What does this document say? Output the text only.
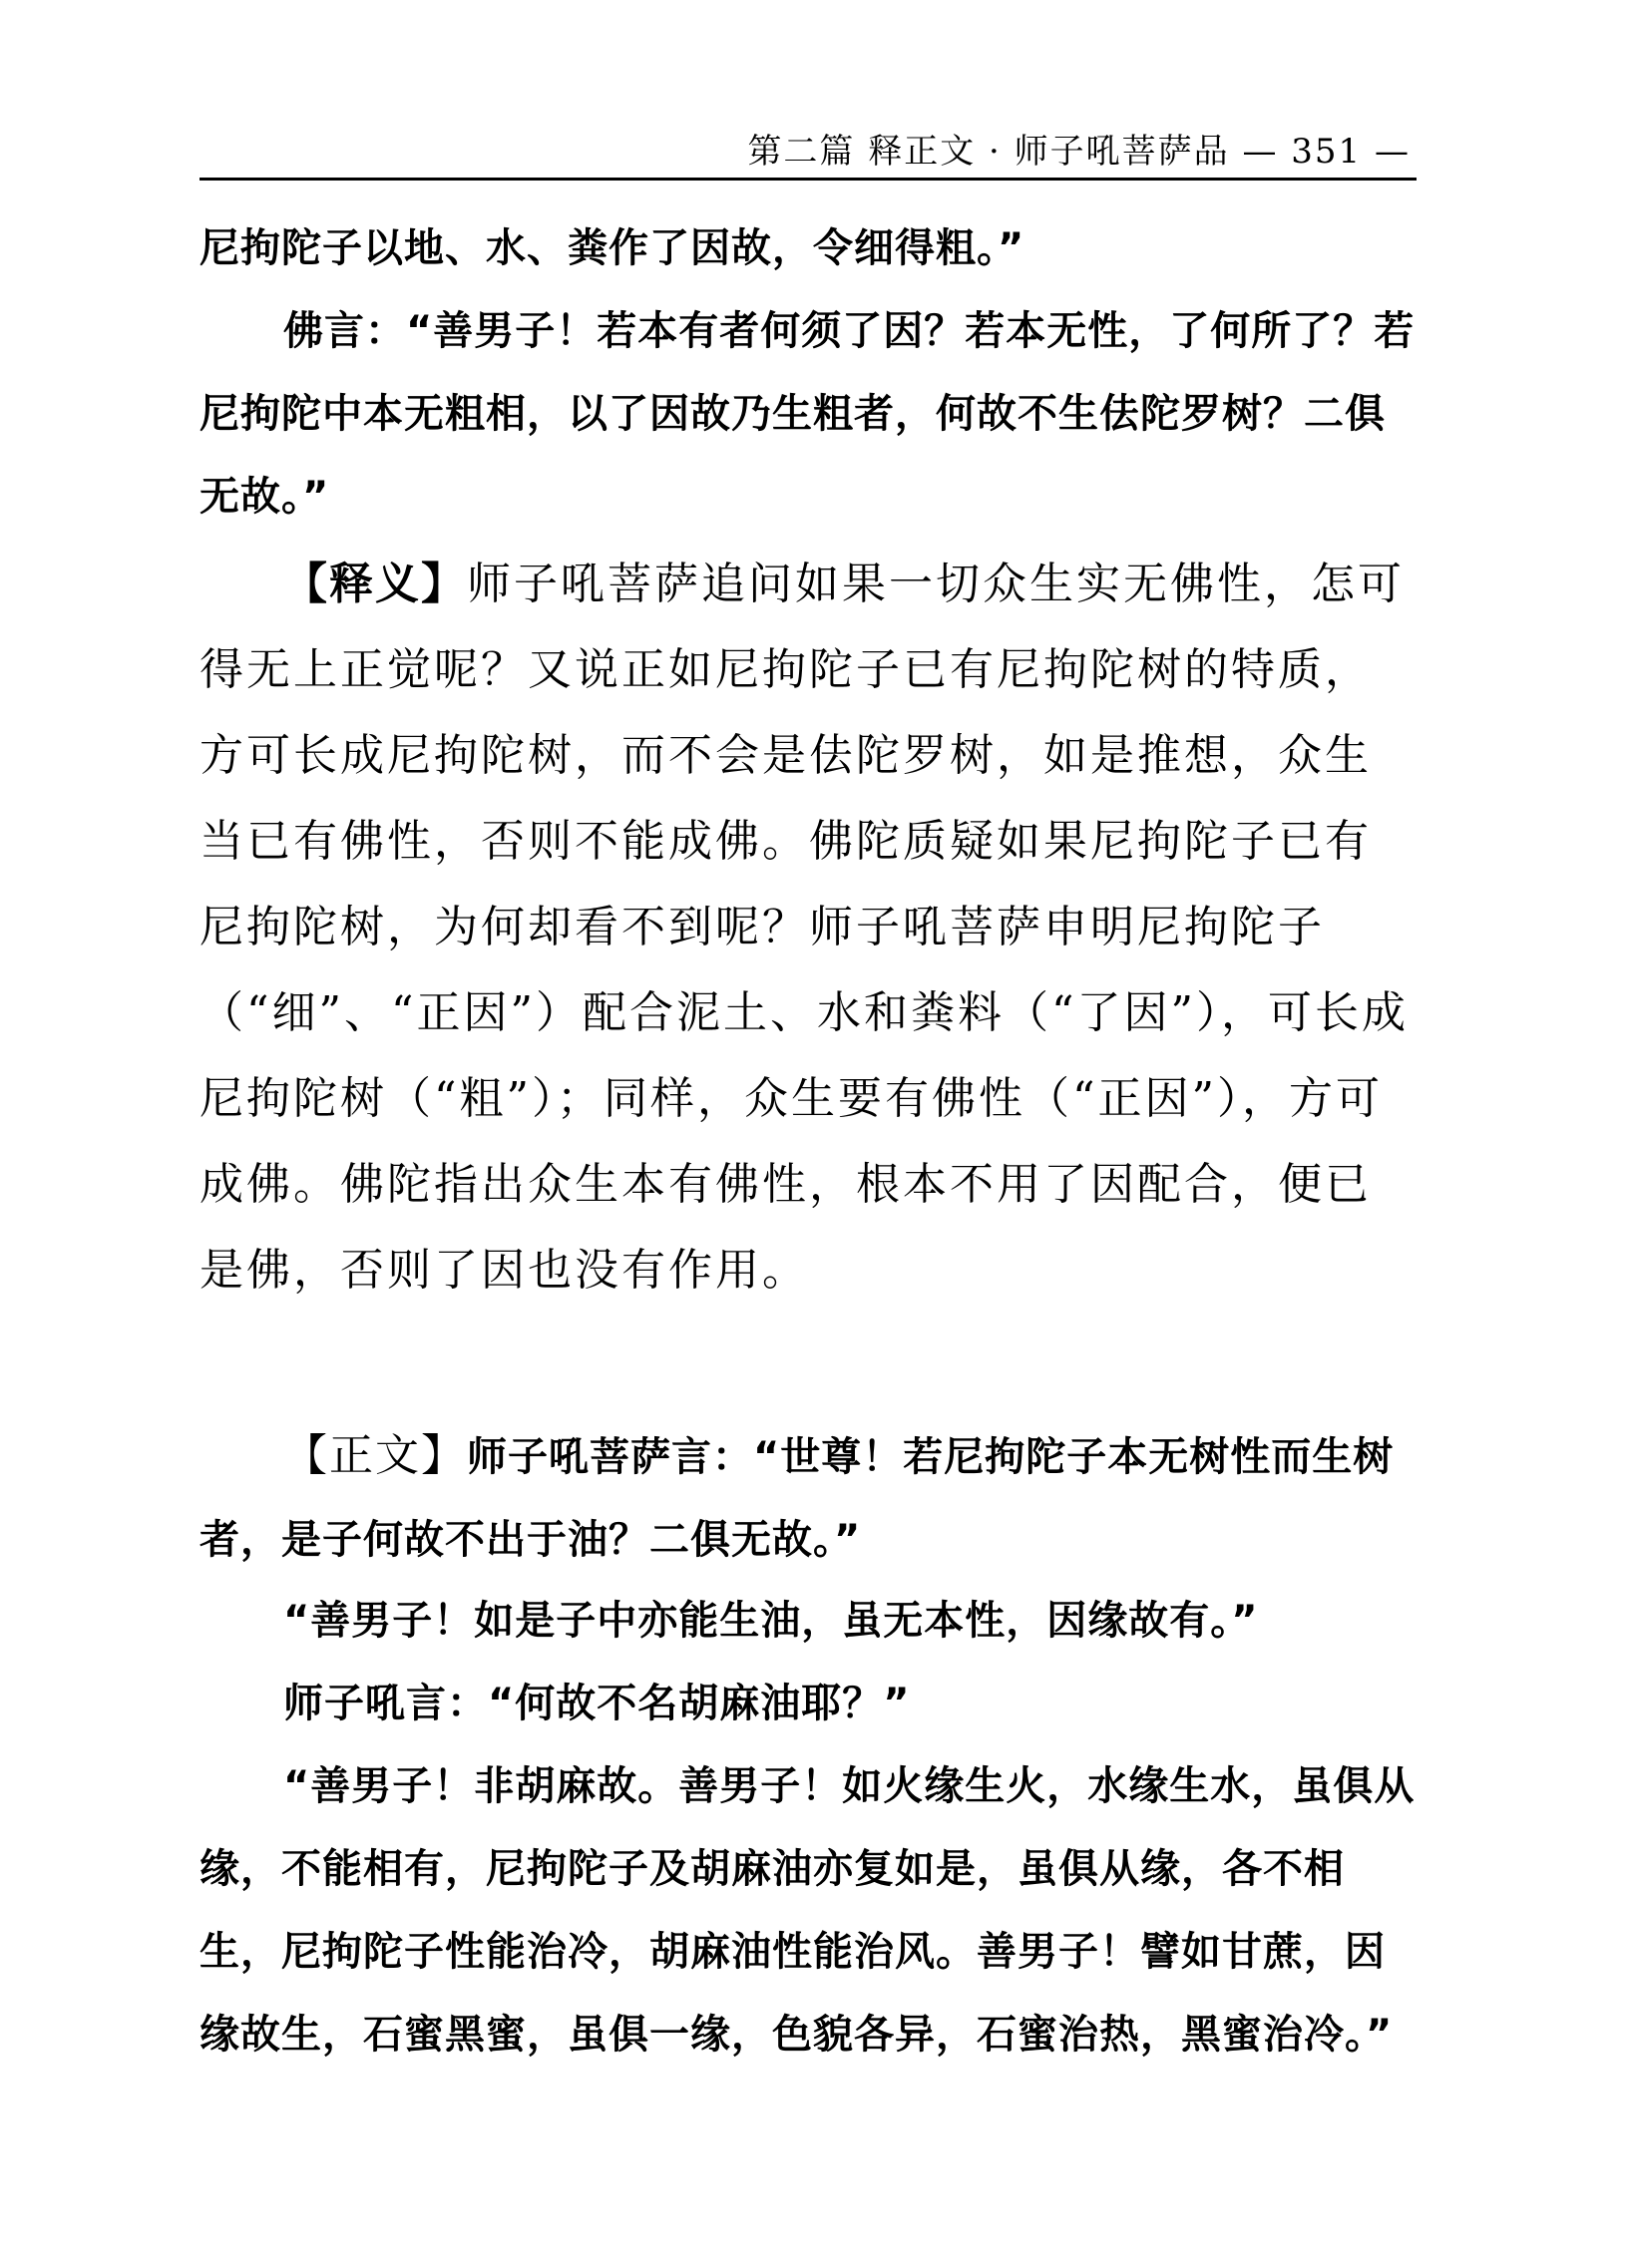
第二篇 释正文 · 师子吼菩萨品 — 351 —

尼拘陀子以地、水、粪作了因故，令细得粗。”

佛言：“善男子！若本有者何须了因？若本无性，了何所了？若尼拘陀中本无粗相，以了因故乃生粗者，何故不生佉陀罗树？二俱无故。”

【释义】师子吼菩萨追问如果一切众生实无佛性，怎可得无上正觉呢？又说正如尼拘陀子已有尼拘陀树的特质，方可长成尼拘陀树，而不会是佉陀罗树，如是推想，众生当已有佛性，否则不能成佛。佛陀质疑如果尼拘陀子已有尼拘陀树，为何却看不到呢？师子吼菩萨申明尼拘陀子（“细”、“正因”）配合泥土、水和粪料（“了因”），可长成尼拘陀树（“粗”）；同样，众生要有佛性（“正因”），方可成佛。佛陀指出众生本有佛性，根本不用了因配合，便已是佛，否则了因也没有作用。

【正文】师子吼菩萨言：“世尊！若尼拘陀子本无树性而生树者，是子何故不出于油？二俱无故。”

“善男子！如是子中亦能生油，虽无本性，因缘故有。”

师子吼言：“何故不名胡麻油耶？”

“善男子！非胡麻故。善男子！如火缘生火，水缘生水，虽俱从缘，不能相有，尼拘陀子及胡麻油亦复如是，虽俱从缘，各不相生，尼拘陀子性能治冷，胡麻油性能治风。善男子！譬如甘蔗，因缘故生，石蜜黑蜜，虽俱一缘，色貌各异，石蜜治热，黑蜜治冷。”
